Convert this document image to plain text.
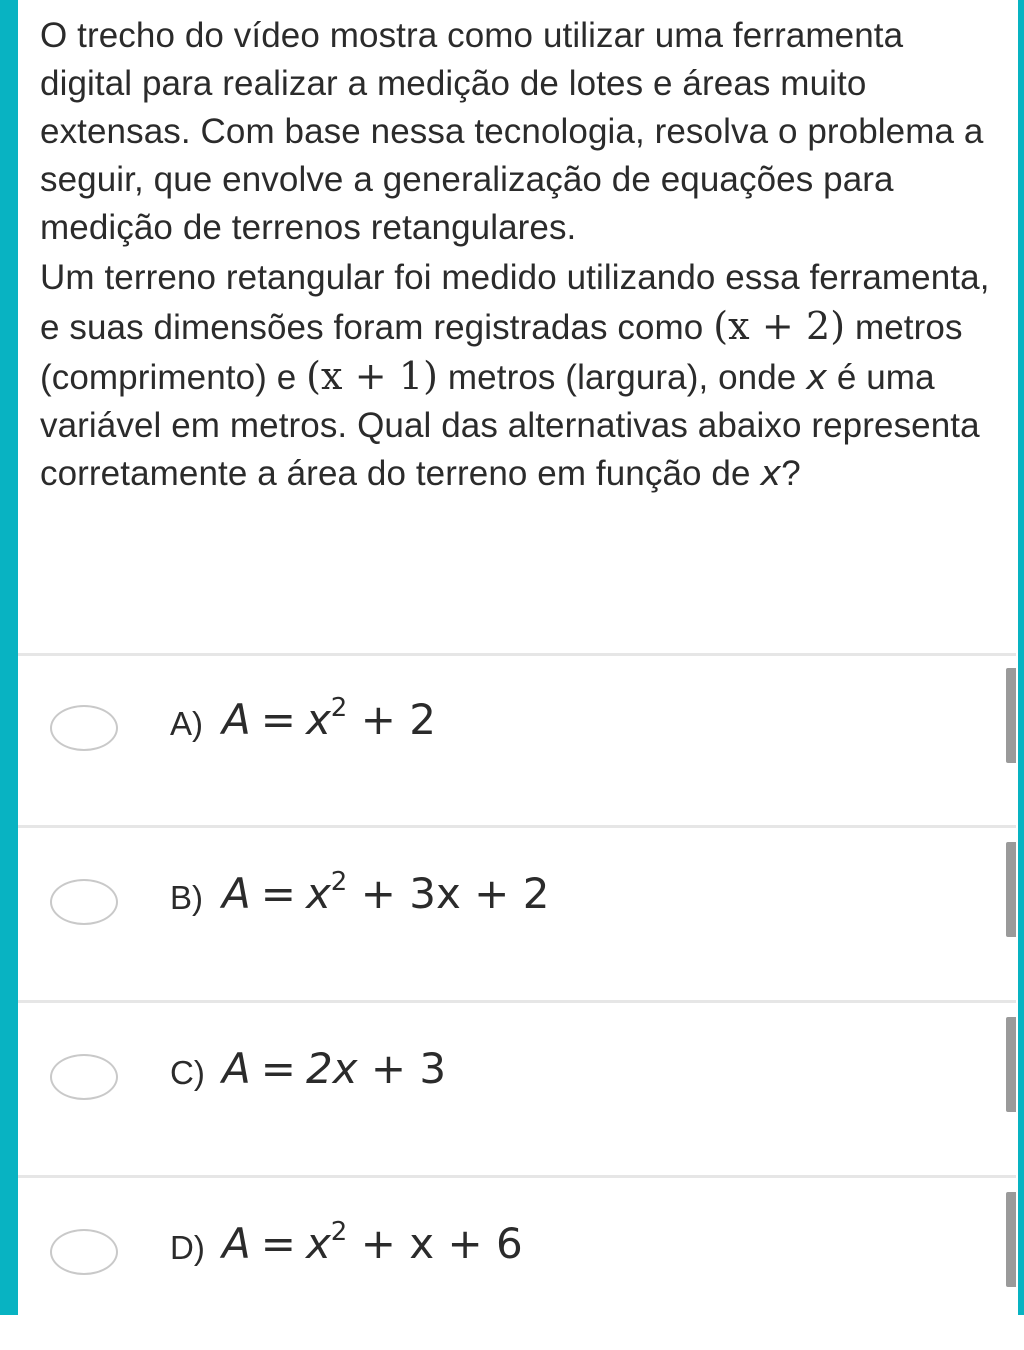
O trecho do vídeo mostra como utilizar uma ferramenta digital para realizar a medição de lotes e áreas muito extensas. Com base nessa tecnologia, resolva o problema a seguir, que envolve a generalização de equações para medição de terrenos retangulares.

Um terreno retangular foi medido utilizando essa ferramenta, e suas dimensões foram registradas como (x + 2) metros (comprimento) e (x + 1) metros (largura), onde x é uma variável em metros. Qual das alternativas abaixo representa corretamente a área do terreno em função de x?

A) $A = x^2 + 2$
B) $A = x^2 + 3x + 2$
C) A = 2x + 3
D) $A = x^2 + x + 6$
